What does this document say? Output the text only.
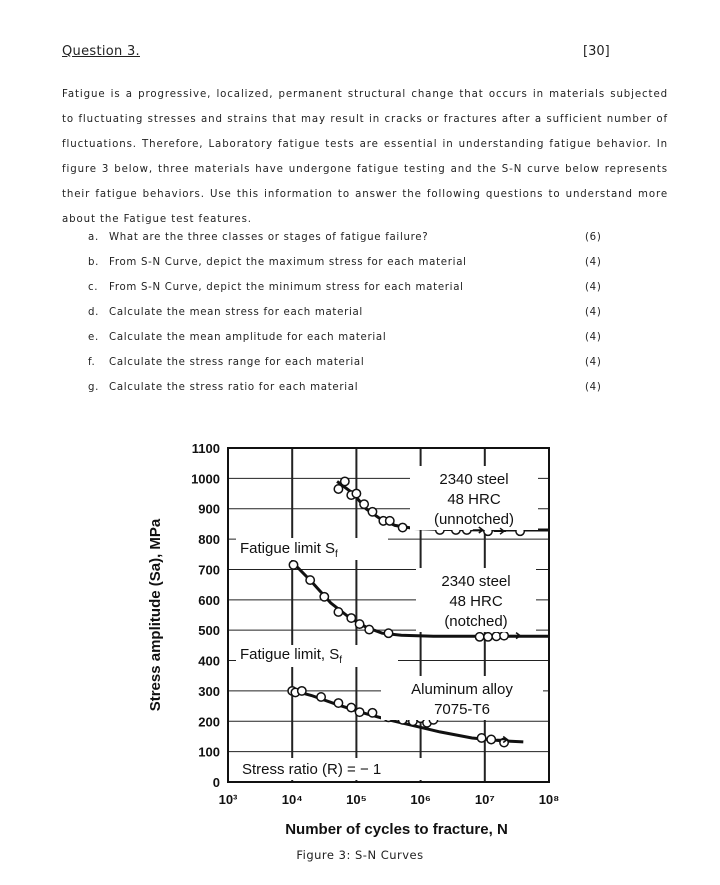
Question 3.	[30]
Fatigue is a progressive, localized, permanent structural change that occurs in materials subjected to fluctuating stresses and strains that may result in cracks or fractures after a sufficient number of fluctuations. Therefore, Laboratory fatigue tests are essential in understanding fatigue behavior. In figure 3 below, three materials have undergone fatigue testing and the S-N curve below represents their fatigue behaviors. Use this information to answer the following questions to understand more about the Fatigue test features.
a. What are the three classes or stages of fatigue failure?	(6)
b. From S-N Curve, depict the maximum stress for each material	(4)
c. From S-N Curve, depict the minimum stress for each material	(4)
d. Calculate the mean stress for each material	(4)
e. Calculate the mean amplitude for each material	(4)
f. Calculate the stress range for each material	(4)
g. Calculate the stress ratio for each material	(4)
0
100
200
300
400
500
600
700
800
900
1000
1100
10³	10⁴	10⁵	10⁶	10⁷	10⁸
Number of cycles to fracture, N
Stress amplitude (Sa), MPa
2340 steel
48 HRC
(unnotched)
2340 steel
48 HRC
(notched)
Aluminum alloy
7075-T6
Fatigue limit $S_f$
Fatigue limit, $S_f$
Stress ratio (R) = − 1
Figure 3: S-N Curves
